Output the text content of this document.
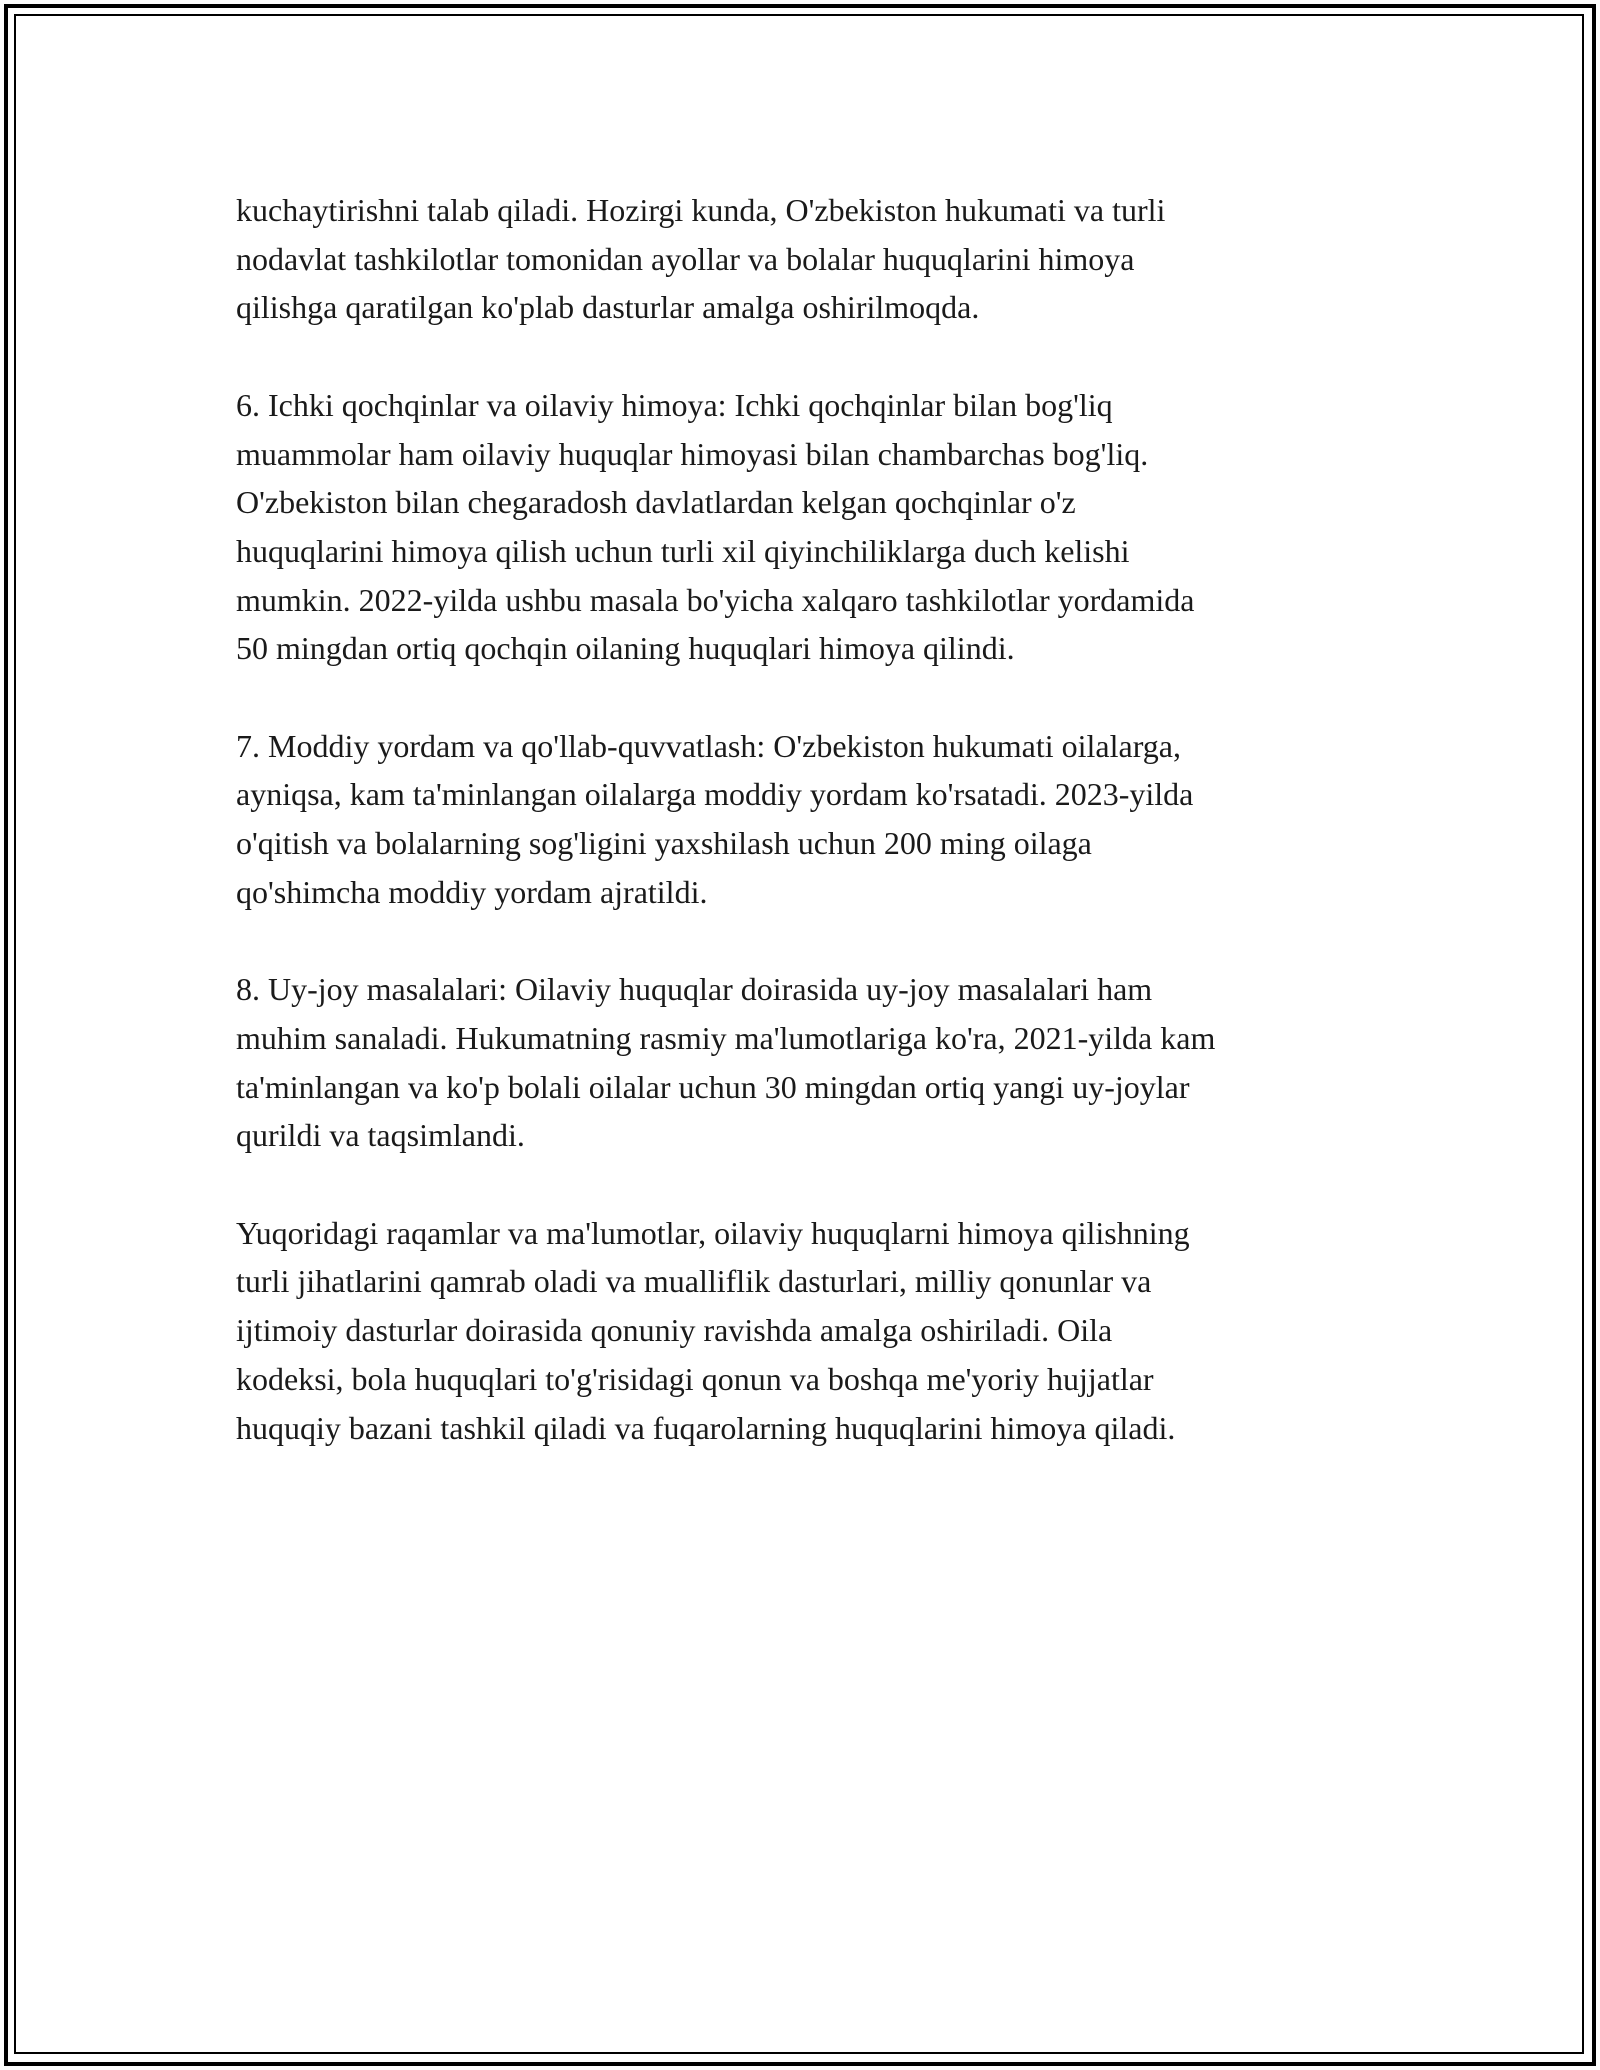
kuchaytirishni talab qiladi. Hozirgi kunda, O'zbekiston hukumati va turli
nodavlat tashkilotlar tomonidan ayollar va bolalar huquqlarini himoya
qilishga qaratilgan ko'plab dasturlar amalga oshirilmoqda.

6. Ichki qochqinlar va oilaviy himoya: Ichki qochqinlar bilan bog'liq
muammolar ham oilaviy huquqlar himoyasi bilan chambarchas bog'liq.
O'zbekiston bilan chegaradosh davlatlardan kelgan qochqinlar o'z
huquqlarini himoya qilish uchun turli xil qiyinchiliklarga duch kelishi
mumkin. 2022-yilda ushbu masala bo'yicha xalqaro tashkilotlar yordamida
50 mingdan ortiq qochqin oilaning huquqlari himoya qilindi.

7. Moddiy yordam va qo'llab-quvvatlash: O'zbekiston hukumati oilalarga,
ayniqsa, kam ta'minlangan oilalarga moddiy yordam ko'rsatadi. 2023-yilda
o'qitish va bolalarning sog'ligini yaxshilash uchun 200 ming oilaga
qo'shimcha moddiy yordam ajratildi.

8. Uy-joy masalalari: Oilaviy huquqlar doirasida uy-joy masalalari ham
muhim sanaladi. Hukumatning rasmiy ma'lumotlariga ko'ra, 2021-yilda kam
ta'minlangan va ko'p bolali oilalar uchun 30 mingdan ortiq yangi uy-joylar
qurildi va taqsimlandi.

Yuqoridagi raqamlar va ma'lumotlar, oilaviy huquqlarni himoya qilishning
turli jihatlarini qamrab oladi va mualliflik dasturlari, milliy qonunlar va
ijtimoiy dasturlar doirasida qonuniy ravishda amalga oshiriladi. Oila
kodeksi, bola huquqlari to'g'risidagi qonun va boshqa me'yoriy hujjatlar
huquqiy bazani tashkil qiladi va fuqarolarning huquqlarini himoya qiladi.
